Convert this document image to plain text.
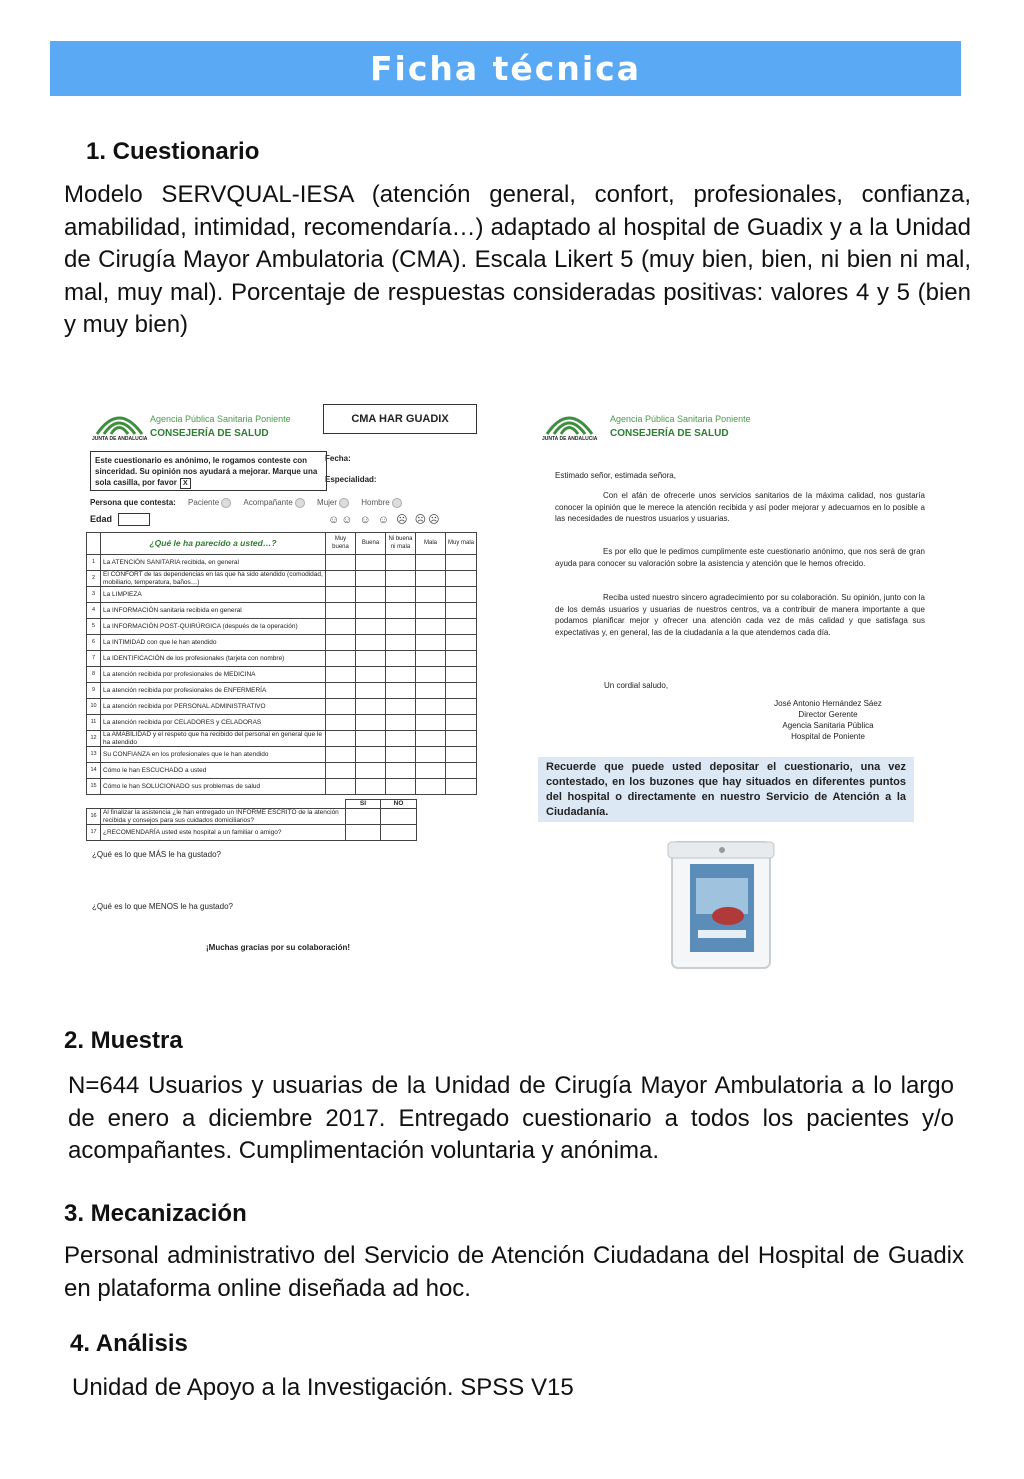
Ficha técnica
1. Cuestionario
Modelo SERVQUAL-IESA (atención general, confort, profesionales, confianza, amabilidad, intimidad, recomendaría…) adaptado al hospital de Guadix y a la Unidad de Cirugía Mayor Ambulatoria (CMA). Escala Likert 5 (muy bien, bien, ni bien ni mal, mal, muy mal). Porcentaje de respuestas consideradas positivas: valores 4 y 5 (bien y muy bien)
JUNTA DE ANDALUCIA
Agencia Pública Sanitaria Poniente
CONSEJERÍA DE SALUD
CMA HAR GUADIX
Fecha:
Especialidad:
Este cuestionario es anónimo, le rogamos conteste con sinceridad. Su opinión nos ayudará a mejorar. Marque una sola casilla, por favor X
Persona que contesta: Paciente	Acompañante	Mujer	Hombre
Edad	☺☺ ☺ ☺ ☹ ☹☹
	¿Qué le ha parecido a usted…?	Muy buena	Buena	Ni buena ni mala	Mala	Muy mala
1	La ATENCIÓN SANITARIA recibida, en general					
2	El CONFORT de las dependencias en las que ha sido atendido (comodidad, mobiliario, temperatura, baños…)					
3	La LIMPIEZA					
4	La INFORMACIÓN sanitaria recibida en general					
5	La INFORMACIÓN POST-QUIRÚRGICA (después de la operación)					
6	La INTIMIDAD con que le han atendido					
7	La IDENTIFICACIÓN de los profesionales (tarjeta con nombre)					
8	La atención recibida por profesionales de MEDICINA					
9	La atención recibida por profesionales de ENFERMERÍA					
10	La atención recibida por PERSONAL ADMINISTRATIVO					
11	La atención recibida por CELADORES y CELADORAS					
12	La AMABILIDAD y el respeto que ha recibido del personal en general que le ha atendido					
13	Su CONFIANZA en los profesionales que le han atendido					
14	Cómo le han ESCUCHADO a usted					
15	Cómo le han SOLUCIONADO sus problemas de salud					
		SI	NO
16	Al finalizar la asistencia ¿le han entregado un INFORME ESCRITO de la atención recibida y consejos para sus cuidados domiciliarios?		
17	¿RECOMENDARÍA usted este hospital a un familiar o amigo?		
¿Qué es lo que MÁS le ha gustado?
¿Qué es lo que MENOS le ha gustado?
¡Muchas gracias por su colaboración!
JUNTA DE ANDALUCIA
Agencia Pública Sanitaria Poniente
CONSEJERÍA DE SALUD
Estimado señor, estimada señora,
Con el afán de ofrecerle unos servicios sanitarios de la máxima calidad, nos gustaría conocer la opinión que le merece la atención recibida y así poder mejorar y adecuarnos en lo posible a las necesidades de nuestros usuarios y usuarias.
Es por ello que le pedimos cumplimente este cuestionario anónimo, que nos será de gran ayuda para conocer su valoración sobre la asistencia y atención que le hemos ofrecido.
Reciba usted nuestro sincero agradecimiento por su colaboración. Su opinión, junto con la de los demás usuarios y usuarias de nuestros centros, va a contribuir de manera importante a que podamos planificar mejor y ofrecer una atención cada vez de más calidad y que satisfaga sus expectativas y, en general, las de la ciudadanía a la que atendemos cada día.
Un cordial saludo,
José Antonio Hernández Sáez
Director Gerente
Agencia Sanitaria Pública
Hospital de Poniente
Recuerde que puede usted depositar el cuestionario, una vez contestado, en los buzones que hay situados en diferentes puntos del hospital o directamente en nuestro Servicio de Atención a la Ciudadanía.
2. Muestra
N=644 Usuarios y usuarias de la Unidad de Cirugía Mayor Ambulatoria a lo largo de enero a diciembre 2017. Entregado cuestionario a todos los pacientes y/o acompañantes. Cumplimentación voluntaria y anónima.
3. Mecanización
Personal administrativo del Servicio de Atención Ciudadana del Hospital de Guadix en plataforma online diseñada ad hoc.
4. Análisis
Unidad de Apoyo a la Investigación. SPSS V15
